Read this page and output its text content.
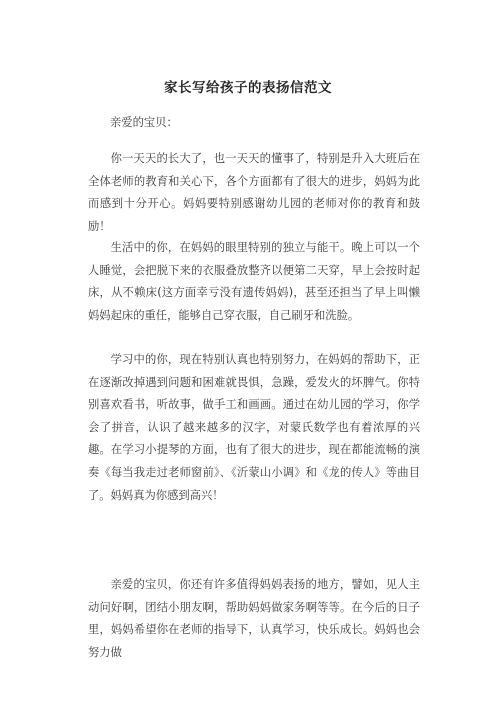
家长写给孩子的表扬信范文
亲爱的宝贝：

你一天天的长大了，也一天天的懂事了，特别是升入大班后在全体老师的教育和关心下，各个方面都有了很大的进步，妈妈为此而感到十分开心。妈妈要特别感谢幼儿园的老师对你的教育和鼓励！

生活中的你，在妈妈的眼里特别的独立与能干。晚上可以一个人睡觉，会把脱下来的衣服叠放整齐以便第二天穿，早上会按时起床，从不赖床(这方面幸亏没有遗传妈妈)，甚至还担当了早上叫懒妈妈起床的重任，能够自己穿衣服，自己刷牙和洗脸。

学习中的你，现在特别认真也特别努力，在妈妈的帮助下，正在逐渐改掉遇到问题和困难就畏惧，急躁，爱发火的坏脾气。你特别喜欢看书，听故事，做手工和画画。通过在幼儿园的学习，你学会了拼音，认识了越来越多的汉字，对蒙氏数学也有着浓厚的兴趣。在学习小提琴的方面，也有了很大的进步，现在都能流畅的演奏《每当我走过老师窗前》、《沂蒙山小调》和《龙的传人》等曲目了。妈妈真为你感到高兴！

亲爱的宝贝，你还有许多值得妈妈表扬的地方，譬如，见人主动问好啊，团结小朋友啊，帮助妈妈做家务啊等等。在今后的日子里，妈妈希望你在老师的指导下，认真学习，快乐成长。妈妈也会努力做
